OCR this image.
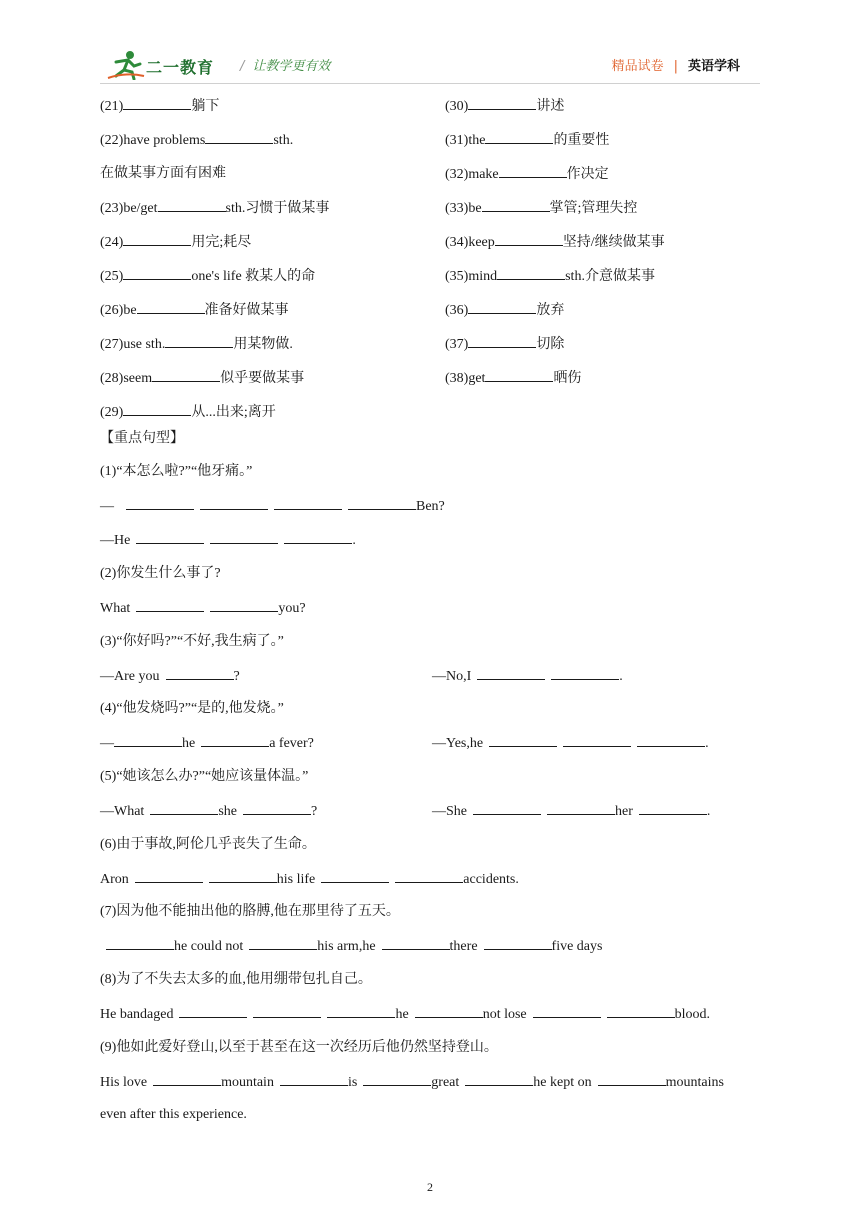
二一教育 / 让教学更有效	精品试卷 | 英语学科
(21)	躺下
(22)have problems	sth.
在做某事方面有困难
(23)be/get	sth.习惯于做某事
(24)	用完;耗尽
(25)	one's life 救某人的命
(26)be	准备好做某事
(27)use sth.	用某物做.
(28)seem	似乎要做某事
(29)	从...出来;离开
(30)	讲述
(31)the	的重要性
(32)make	作决定
(33)be	掌管;管理失控
(34)keep	坚持/继续做某事
(35)mind	sth.介意做某事
(36)	放弃
(37)	切除
(38)get	晒伤
【重点句型】
(1)“本怎么啦?”“他牙痛。”
—	Ben?
—He	.
(2)你发生什么事了?
What	you?
(3)“你好吗?”“不好,我生病了。”
—Are you	?	—No,I	.
(4)“他发烧吗?”“是的,他发烧。”
—	he	a fever?	—Yes,he	.
(5)“她该怎么办?”“她应该量体温。”
—What	she	?	—She	her	.
(6)由于事故,阿伦几乎丧失了生命。
Aron	his life	accidents.
(7)因为他不能抽出他的胳膊,他在那里待了五天。
he could not	his arm,he	there	five days
(8)为了不失去太多的血,他用绷带包扎自己。
He bandaged	he	not lose	blood.
(9)他如此爱好登山,以至于甚至在这一次经历后他仍然坚持登山。
His love	mountain	is	great	he kept on	mountains
even after this experience.
2
